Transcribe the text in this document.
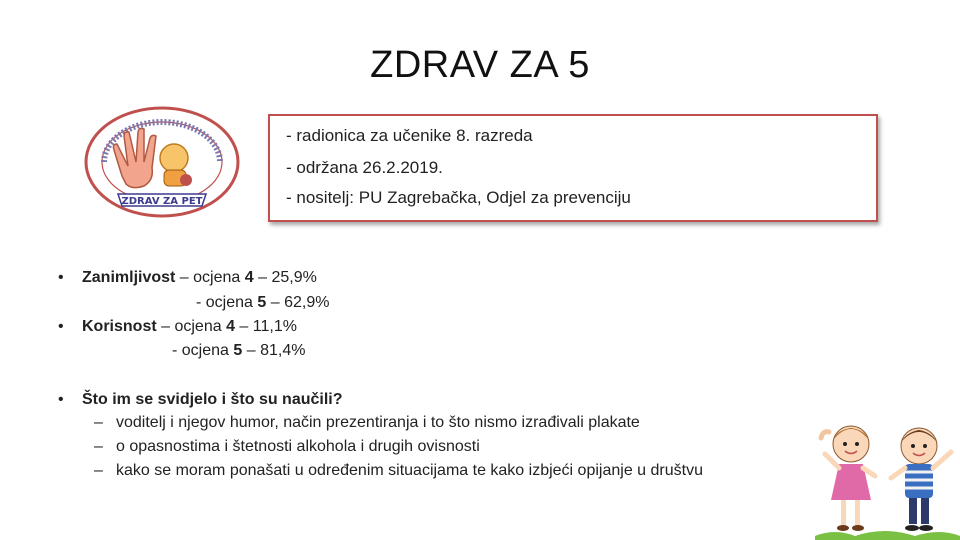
ZDRAV ZA 5
ZDRAV ZA PET
- radionica za učenike 8. razreda
- održana 26.2.2019.
- nositelj: PU Zagrebačka, Odjel za prevenciju
• Zanimljivost – ocjena 4 – 25,9%
- ocjena 5 – 62,9%
• Korisnost – ocjena 4 – 11,1%
- ocjena 5 – 81,4%
• Što im se svidjelo i što su naučili?
– voditelj i njegov humor, način prezentiranja i to što nismo izrađivali plakate
– o opasnostima i štetnosti alkohola i drugih ovisnosti
– kako se moram ponašati u određenim situacijama te kako izbjeći opijanje u društvu
